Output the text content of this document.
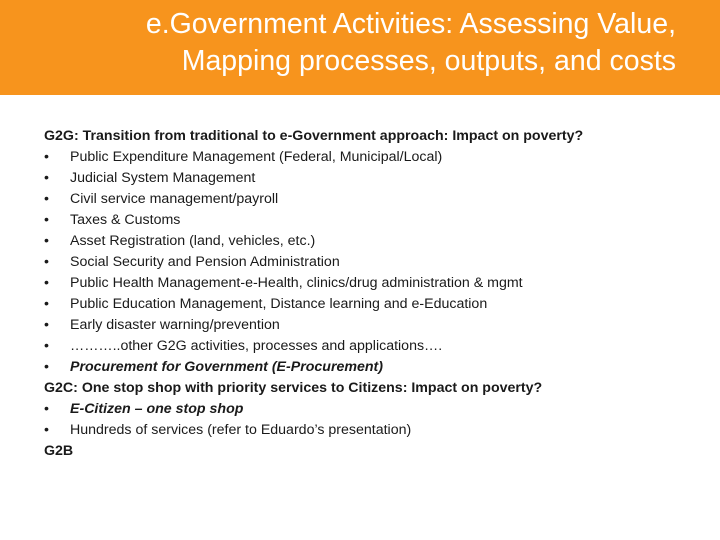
e.Government Activities: Assessing Value,
Mapping processes, outputs, and costs
G2G: Transition from traditional to e-Government approach: Impact on poverty?
•	Public Expenditure Management (Federal, Municipal/Local)
•	Judicial System Management
•	Civil service management/payroll
•	Taxes & Customs
•	Asset Registration (land, vehicles, etc.)
•	Social Security and Pension Administration
•	Public Health Management-e-Health, clinics/drug administration & mgmt
•	Public Education Management, Distance learning and e-Education
•	Early disaster warning/prevention
•	………..other G2G activities, processes and applications….
•	Procurement for Government (E-Procurement)
G2C: One stop shop with priority services to Citizens: Impact on poverty?
•	E-Citizen – one stop shop
•	Hundreds of services (refer to Eduardo’s presentation)
G2B
